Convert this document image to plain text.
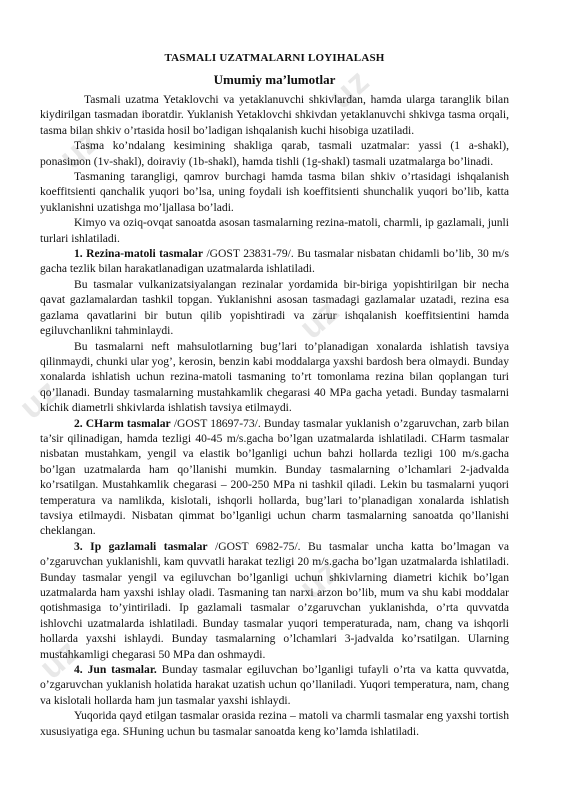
uz
uz
uz
uz
uz
uz
TASMALI UZATMALARNI LOYIHALASH
Umumiy ma’lumotlar

Tasmali uzatma Yetaklovchi va yetaklanuvchi shkivlardan, hamda ularga taranglik bilan kiydirilgan tasmadan iboratdir. Yuklanish Yetaklovchi shkivdan yetaklanuvchi shkivga tasma orqali, tasma bilan shkiv o’rtasida hosil bo’ladigan ishqalanish kuchi hisobiga uzatiladi.

Tasma ko’ndalang kesimining shakliga qarab, tasmali uzatmalar: yassi (1 a-shakl), ponasimon (1v-shakl), doiraviy (1b-shakl), hamda tishli (1g-shakl) tasmali uzatmalarga bo’linadi.

Tasmaning tarangligi, qamrov burchagi hamda tasma bilan shkiv o’rtasidagi ishqalanish koeffitsienti qanchalik yuqori bo’lsa, uning foydali ish koeffitsienti shunchalik yuqori bo’lib, katta yuklanishni uzatishga mo’ljallasa bo’ladi.

Kimyo va oziq-ovqat sanoatda asosan tasmalarning rezina-matoli, charmli, ip gazlamali, junli turlari ishlatiladi.

1. Rezina-matoli tasmalar /GOST 23831-79/. Bu tasmalar nisbatan chidamli bo’lib, 30 m/s gacha tezlik bilan harakatlanadigan uzatmalarda ishlatiladi.

Bu tasmalar vulkanizatsiyalangan rezinalar yordamida bir-biriga yopishtirilgan bir necha qavat gazlamalardan tashkil topgan. Yuklanishni asosan tasmadagi gazlamalar uzatadi, rezina esa gazlama qavatlarini bir butun qilib yopishtiradi va zarur ishqalanish koeffitsientini hamda egiluvchanlikni tahminlaydi.

Bu tasmalarni neft mahsulotlarning bug’lari to’planadigan xonalarda ishlatish tavsiya qilinmaydi, chunki ular yog’, kerosin, benzin kabi moddalarga yaxshi bardosh bera olmaydi. Bunday xonalarda ishlatish uchun rezina-matoli tasmaning to’rt tomonlama rezina bilan qoplangan turi qo’llanadi. Bunday tasmalarning mustahkamlik chegarasi 40 MPa gacha yetadi. Bunday tasmalarni kichik diametrli shkivlarda ishlatish tavsiya etilmaydi.

2. CHarm tasmalar /GOST 18697-73/. Bunday tasmalar yuklanish o’zgaruvchan, zarb bilan ta’sir qilinadigan, hamda tezligi 40-45 m/s.gacha bo’lgan uzatmalarda ishlatiladi. CHarm tasmalar nisbatan mustahkam, yengil va elastik bo’lganligi uchun bahzi hollarda tezligi 100 m/s.gacha bo’lgan uzatmalarda ham qo’llanishi mumkin. Bunday tasmalarning o’lchamlari 2-jadvalda ko’rsatilgan. Mustahkamlik chegarasi – 200-250 MPa ni tashkil qiladi. Lekin bu tasmalarni yuqori temperatura va namlikda, kislotali, ishqorli hollarda, bug’lari to’planadigan xonalarda ishlatish tavsiya etilmaydi. Nisbatan qimmat bo’lganligi uchun charm tasmalarning sanoatda qo’llanishi cheklangan.

3. Ip gazlamali tasmalar /GOST 6982-75/. Bu tasmalar uncha katta bo’lmagan va o’zgaruvchan yuklanishli, kam quvvatli harakat tezligi 20 m/s.gacha bo’lgan uzatmalarda ishlatiladi. Bunday tasmalar yengil va egiluvchan bo’lganligi uchun shkivlarning diametri kichik bo’lgan uzatmalarda ham yaxshi ishlay oladi. Tasmaning tan narxi arzon bo’lib, mum va shu kabi moddalar qotishmasiga to’yintiriladi. Ip gazlamali tasmalar o’zgaruvchan yuklanishda, o’rta quvvatda ishlovchi uzatmalarda ishlatiladi. Bunday tasmalar yuqori temperaturada, nam, chang va ishqorli hollarda yaxshi ishlaydi. Bunday tasmalarning o’lchamlari 3-jadvalda ko’rsatilgan. Ularning mustahkamligi chegarasi 50 MPa dan oshmaydi.

4. Jun tasmalar. Bunday tasmalar egiluvchan bo’lganligi tufayli o’rta va katta quvvatda, o’zgaruvchan yuklanish holatida harakat uzatish uchun qo’llaniladi. Yuqori temperatura, nam, chang va kislotali hollarda ham jun tasmalar yaxshi ishlaydi.

Yuqorida qayd etilgan tasmalar orasida rezina – matoli va charmli tasmalar eng yaxshi tortish xususiyatiga ega. SHuning uchun bu tasmalar sanoatda keng ko’lamda ishlatiladi.
